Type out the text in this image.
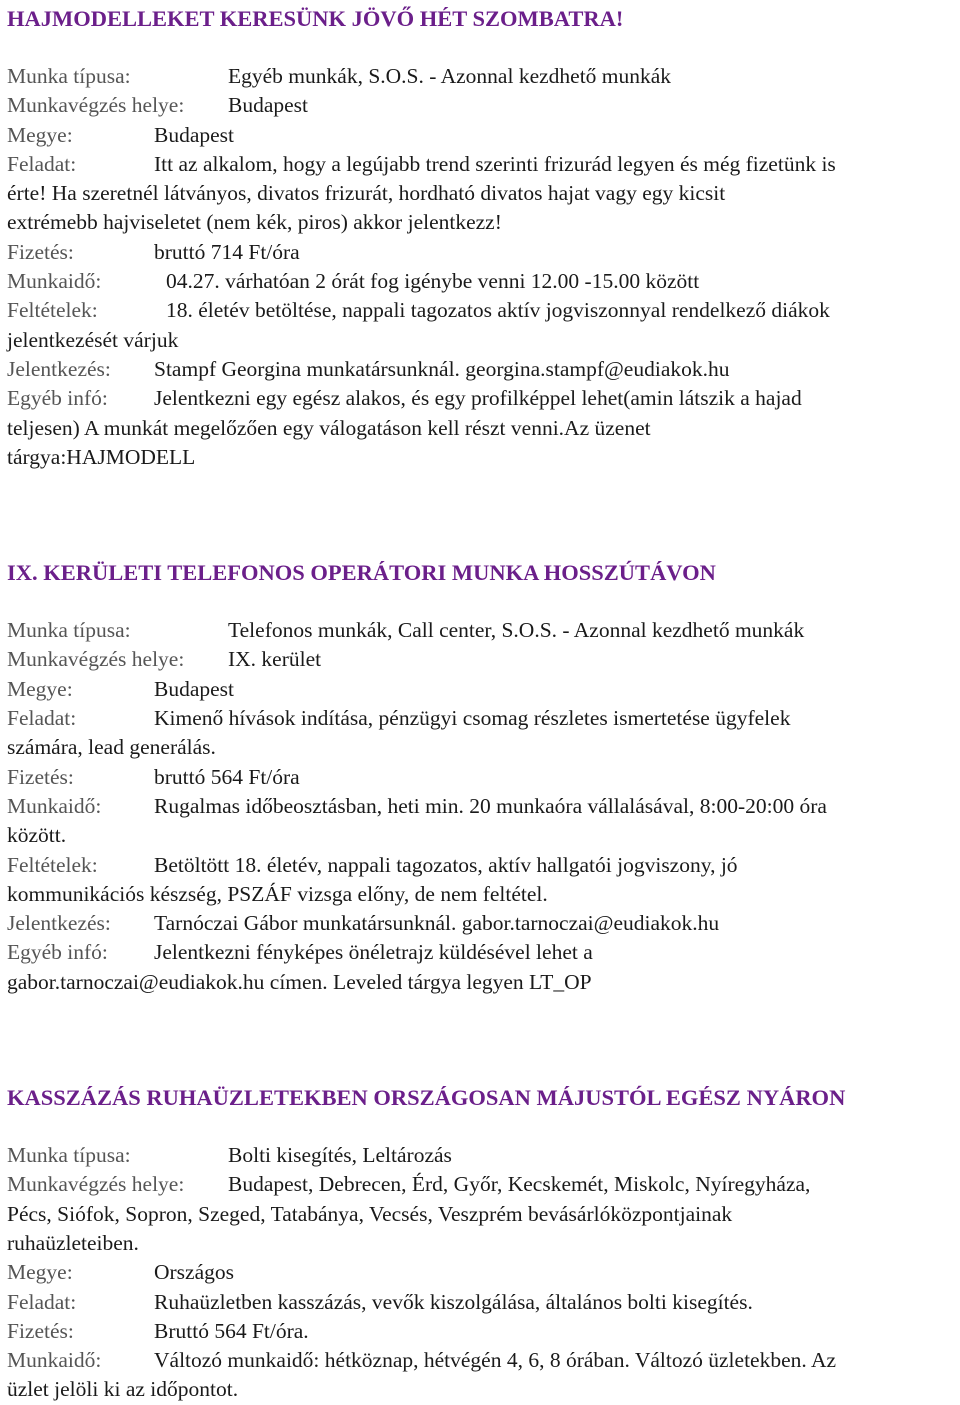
HAJMODELLEKET KERESÜNK JÖVŐ HÉT SZOMBATRA!
Munka típusa:	Egyéb munkák, S.O.S. - Azonnal kezdhető munkák
Munkavégzés helye: Budapest
Megye:	Budapest
Feladat:	Itt az alkalom, hogy a legújabb trend szerinti frizurád legyen és még fizetünk is
érte! Ha szeretnél látványos, divatos frizurát, hordható divatos hajat vagy egy kicsit
extrémebb hajviseletet (nem kék, piros) akkor jelentkezz!
Fizetés:	bruttó 714 Ft/óra
Munkaidő:	04.27. várhatóan 2 órát fog igénybe venni 12.00 -15.00 között
Feltételek:	18. életév betöltése, nappali tagozatos aktív jogviszonnyal rendelkező diákok
jelentkezését várjuk
Jelentkezés: Stampf Georgina munkatársunknál. georgina.stampf@eudiakok.hu
Egyéb infó: Jelentkezni egy egész alakos, és egy profilképpel lehet(amin látszik a hajad
teljesen) A munkát megelőzően egy válogatáson kell részt venni.Az üzenet
tárgya:HAJMODELL
IX. KERÜLETI TELEFONOS OPERÁTORI MUNKA HOSSZÚTÁVON
Munka típusa:	Telefonos munkák, Call center, S.O.S. - Azonnal kezdhető munkák
Munkavégzés helye: IX. kerület
Megye:	Budapest
Feladat:	Kimenő hívások indítása, pénzügyi csomag részletes ismertetése ügyfelek
számára, lead generálás.
Fizetés:	bruttó 564 Ft/óra
Munkaidő: Rugalmas időbeosztásban, heti min. 20 munkaóra vállalásával, 8:00-20:00 óra
között.
Feltételek:	Betöltött 18. életév, nappali tagozatos, aktív hallgatói jogviszony, jó
kommunikációs készség, PSZÁF vizsga előny, de nem feltétel.
Jelentkezés: Tarnóczai Gábor munkatársunknál. gabor.tarnoczai@eudiakok.hu
Egyéb infó: Jelentkezni fényképes önéletrajz küldésével lehet a
gabor.tarnoczai@eudiakok.hu címen. Leveled tárgya legyen LT_OP
KASSZÁZÁS RUHAÜZLETEKBEN ORSZÁGOSAN MÁJUSTÓL EGÉSZ NYÁRON
Munka típusa:	Bolti kisegítés, Leltározás
Munkavégzés helye: Budapest, Debrecen, Érd, Győr, Kecskemét, Miskolc, Nyíregyháza,
Pécs, Siófok, Sopron, Szeged, Tatabánya, Vecsés, Veszprém bevásárlóközpontjainak
ruhaüzleteiben.
Megye:	Országos
Feladat:	Ruhaüzletben kasszázás, vevők kiszolgálása, általános bolti kisegítés.
Fizetés:	Bruttó 564 Ft/óra.
Munkaidő: Változó munkaidő: hétköznap, hétvégén 4, 6, 8 órában. Változó üzletekben. Az
üzlet jelöli ki az időpontot.
